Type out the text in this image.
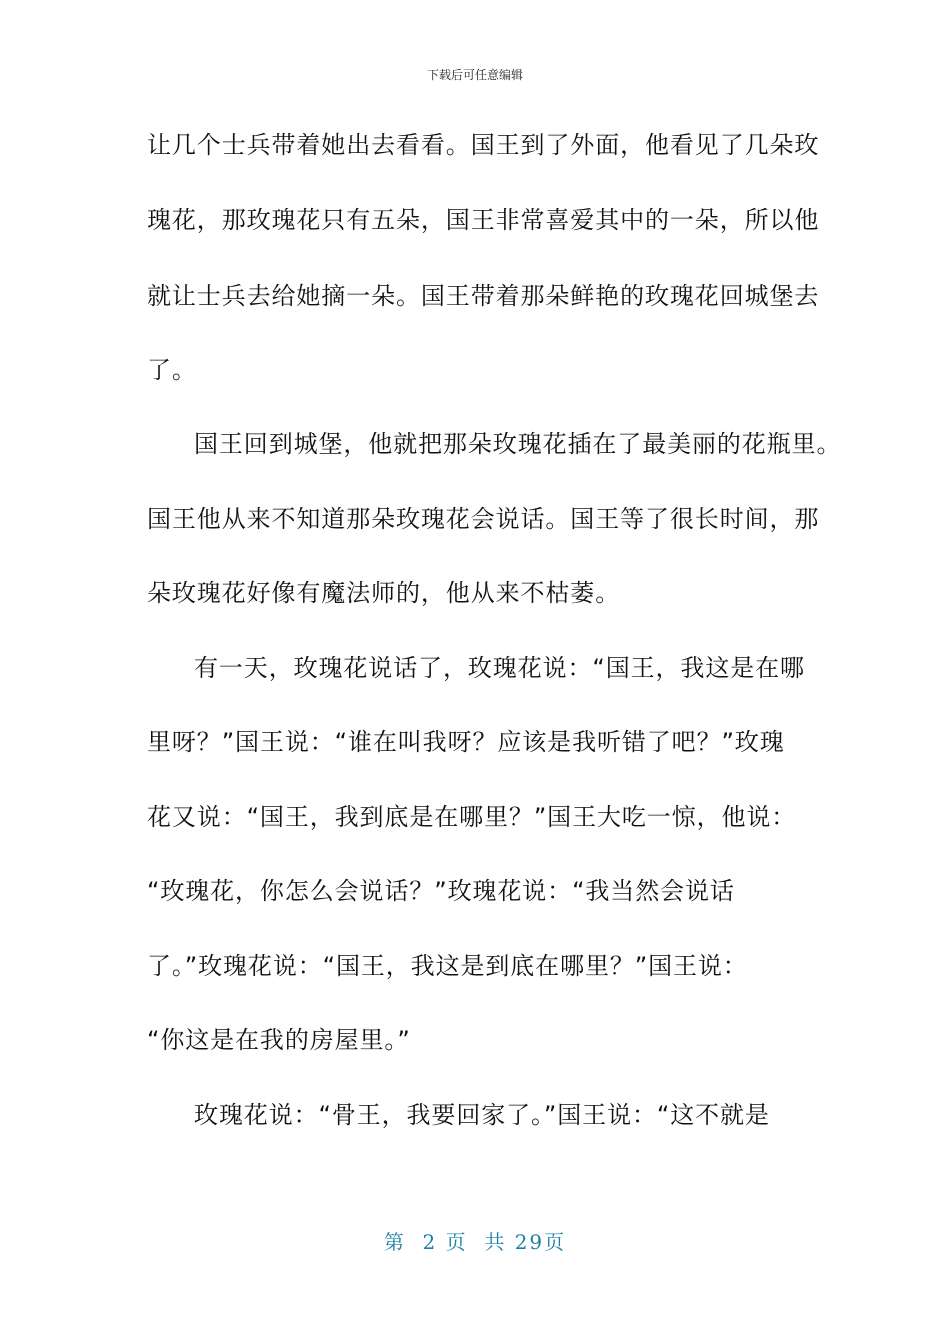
下载后可任意编辑
让几个士兵带着她出去看看。国王到了外面，他看见了几朵玫
瑰花，那玫瑰花只有五朵，国王非常喜爱其中的一朵，所以他
就让士兵去给她摘一朵。国王带着那朵鲜艳的玫瑰花回城堡去
了。
国王回到城堡，他就把那朵玫瑰花插在了最美丽的花瓶里。
国王他从来不知道那朵玫瑰花会说话。国王等了很长时间，那
朵玫瑰花好像有魔法师的，他从来不枯萎。
有一天，玫瑰花说话了，玫瑰花说：“国王，我这是在哪
里呀？”国王说：“谁在叫我呀？应该是我听错了吧？”玫瑰
花又说：“国王，我到底是在哪里？”国王大吃一惊，他说：
“玫瑰花，你怎么会说话？”玫瑰花说：“我当然会说话
了。”玫瑰花说：“国王，我这是到底在哪里？”国王说：
“你这是在我的房屋里。”
玫瑰花说：“骨王，我要回家了。”国王说：“这不就是
第  2 页  共 29页
